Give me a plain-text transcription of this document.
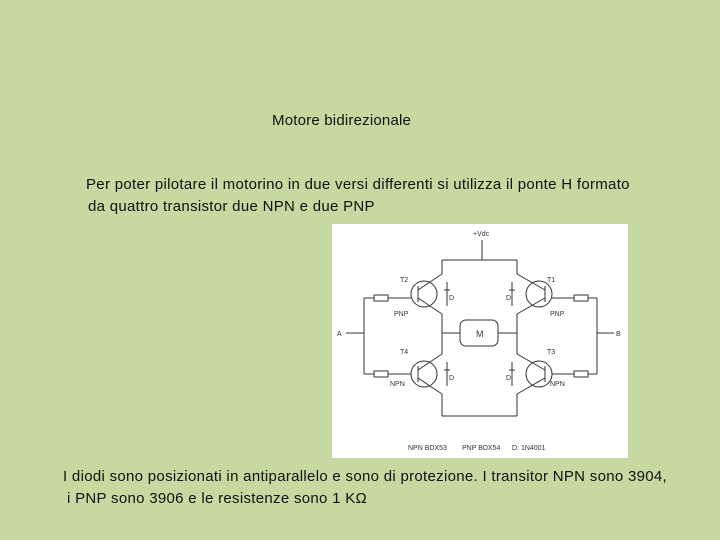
Motore bidirezionale
Per poter pilotare il motorino in due versi differenti si utilizza il ponte H formato
da quattro transistor due NPN e due PNP
+Vdc
M
A	B
T2
T4
T1
T3
D
D
D
D
PNP	PNP
NPN	NPN
NPN BDX53 PNP BDX54 D: 1N4001
I diodi sono posizionati in antiparallelo e sono di protezione. I transitor NPN sono 3904,
i PNP sono 3906 e le resistenze sono 1 KΩ
